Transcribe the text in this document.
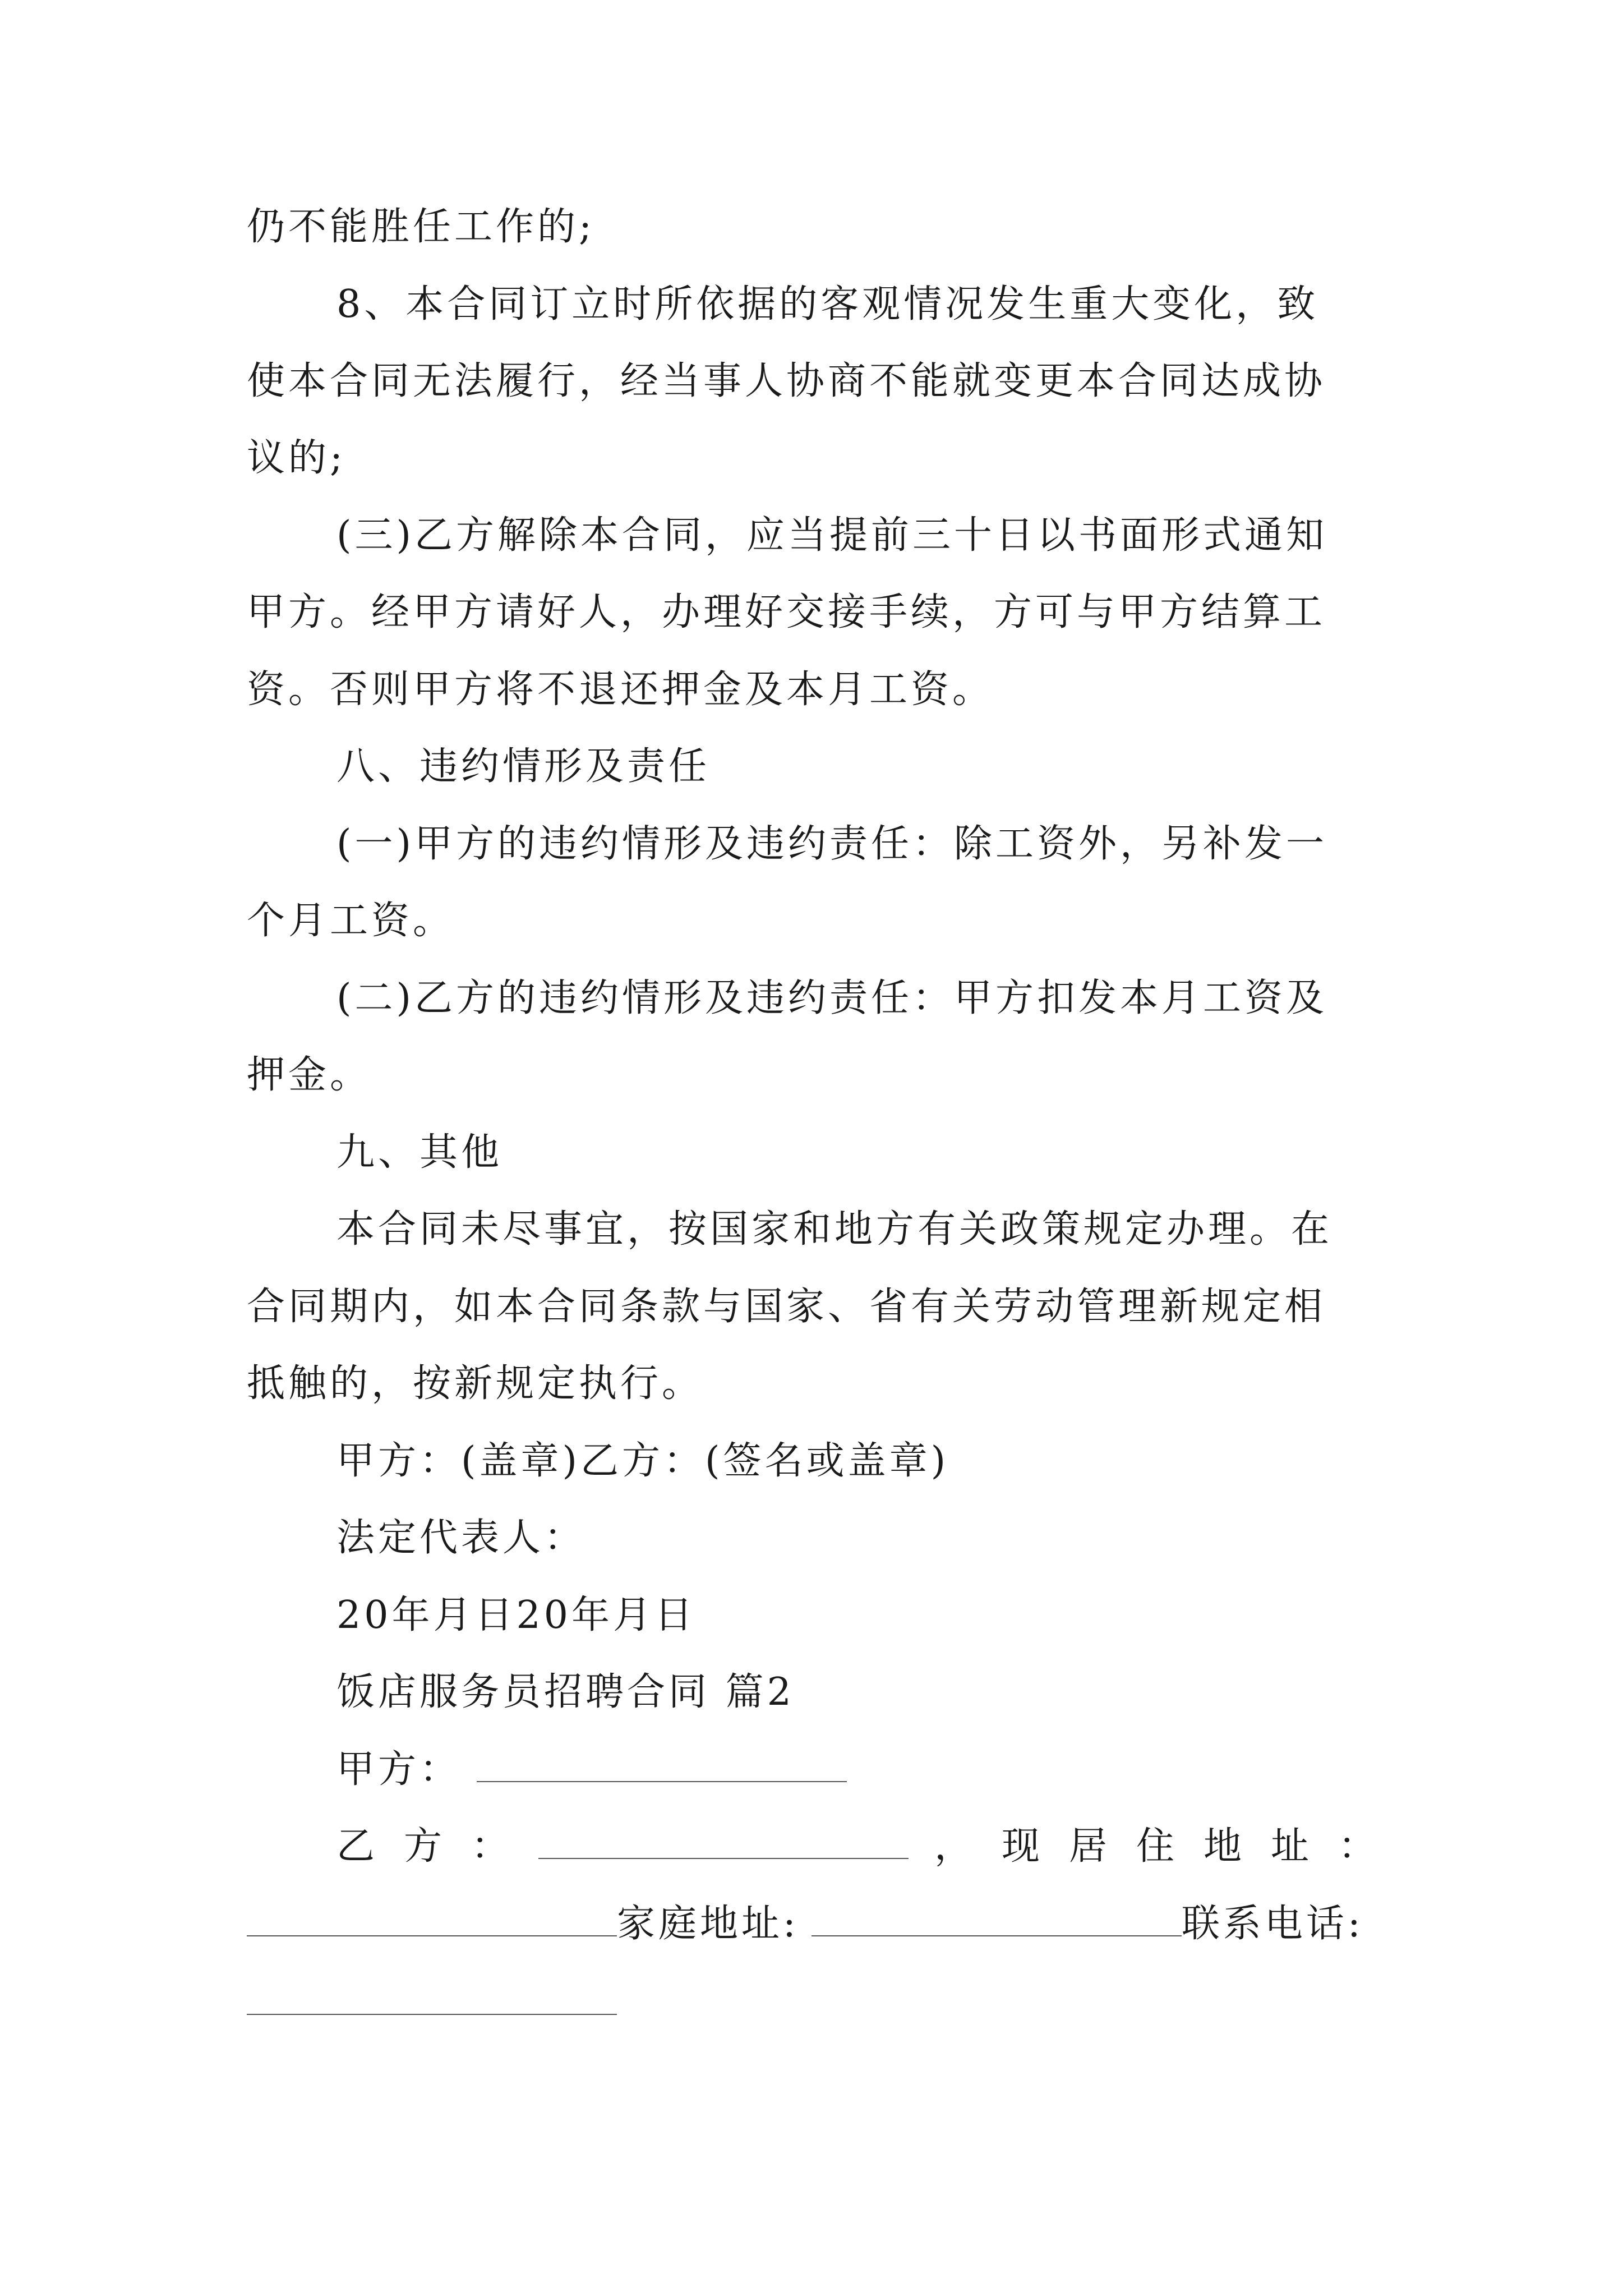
仍不能胜任工作的;
8、本合同订立时所依据的客观情况发生重大变化，致
使本合同无法履行，经当事人协商不能就变更本合同达成协
议的;
(三)乙方解除本合同，应当提前三十日以书面形式通知
甲方。经甲方请好人，办理好交接手续，方可与甲方结算工
资。否则甲方将不退还押金及本月工资。
八、违约情形及责任
(一)甲方的违约情形及违约责任：除工资外，另补发一
个月工资。
(二)乙方的违约情形及违约责任：甲方扣发本月工资及
押金。
九、其他
本合同未尽事宜，按国家和地方有关政策规定办理。在
合同期内，如本合同条款与国家、省有关劳动管理新规定相
抵触的，按新规定执行。
甲方：(盖章)乙方：(签名或盖章)
法定代表人：
20年月日20年月日
饭店服务员招聘合同 篇2
甲方：
乙 方 ：	， 现 居 住 地 址 ：
家庭地址:	联系电话:
